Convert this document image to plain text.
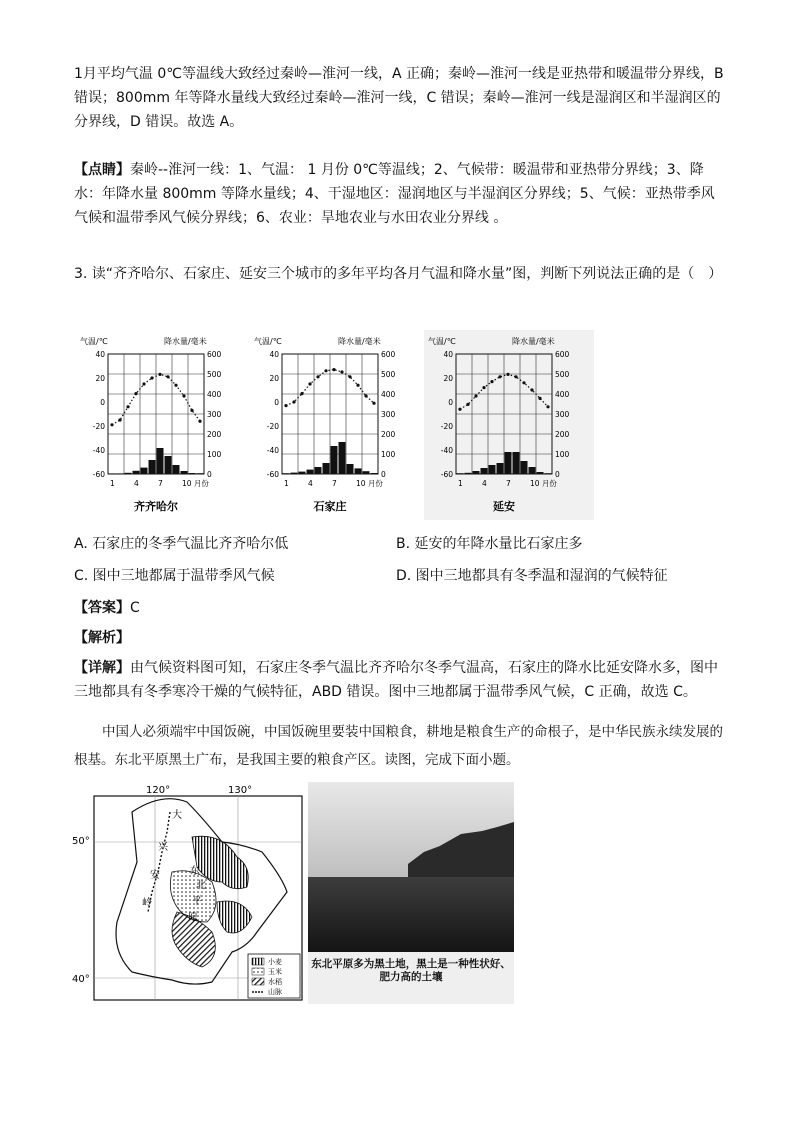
1月平均气温 0℃等温线大致经过秦岭—淮河一线，A 正确；秦岭—淮河一线是亚热带和暖温带分界线，B 错误；800mm 年等降水量线大致经过秦岭—淮河一线，C 错误；秦岭—淮河一线是湿润区和半湿润区的分界线，D 错误。故选 A。

【点睛】秦岭--淮河一线：1、气温： 1 月份 0℃等温线；2、气候带：暖温带和亚热带分界线；3、降水：年降水量 800mm 等降水量线；4、干湿地区：湿润地区与半湿润区分界线；5、气候：亚热带季风气候和温带季风气候分界线；6、农业：旱地农业与水田农业分界线 。

3. 读“齐齐哈尔、石家庄、延安三个城市的多年平均各月气温和降水量”图，判断下列说法正确的是（　）

气温/℃	降水量/毫米
40
20
0
-20
-40
-60
600
500
400
300
200
100
0
1	4	7	10 月份
齐齐哈尔
气温/℃	降水量/毫米
40
20
0
-20
-40
-60
600
500
400
300
200
100
0
1	4	7	10 月份
石家庄
气温/℃	降水量/毫米
40
20
0
-20
-40
-60
600
500
400
300
200
100
0
1	4	7	10 月份
延安
A. 石家庄的冬季气温比齐齐哈尔低	B. 延安的年降水量比石家庄多
C. 图中三地都属于温带季风气候	D. 图中三地都具有冬季温和湿润的气候特征
【答案】C
【解析】

【详解】由气候资料图可知，石家庄冬季气温比齐齐哈尔冬季气温高，石家庄的降水比延安降水多，图中三地都具有冬季寒冷干燥的气候特征，ABD 错误。图中三地都属于温带季风气候，C 正确，故选 C。

中国人必须端牢中国饭碗，中国饭碗里要装中国粮食，耕地是粮食生产的命根子，是中华民族永续发展的根基。东北平原黑土广布，是我国主要的粮食产区。读图，完成下面小题。

120°	130°
50°
40°
大
兴
安
岭
东
北
平
原
小麦
玉米
水稻
山脉
东北平原多为黑土地，黑土是一种性状好、肥力高的土壤
